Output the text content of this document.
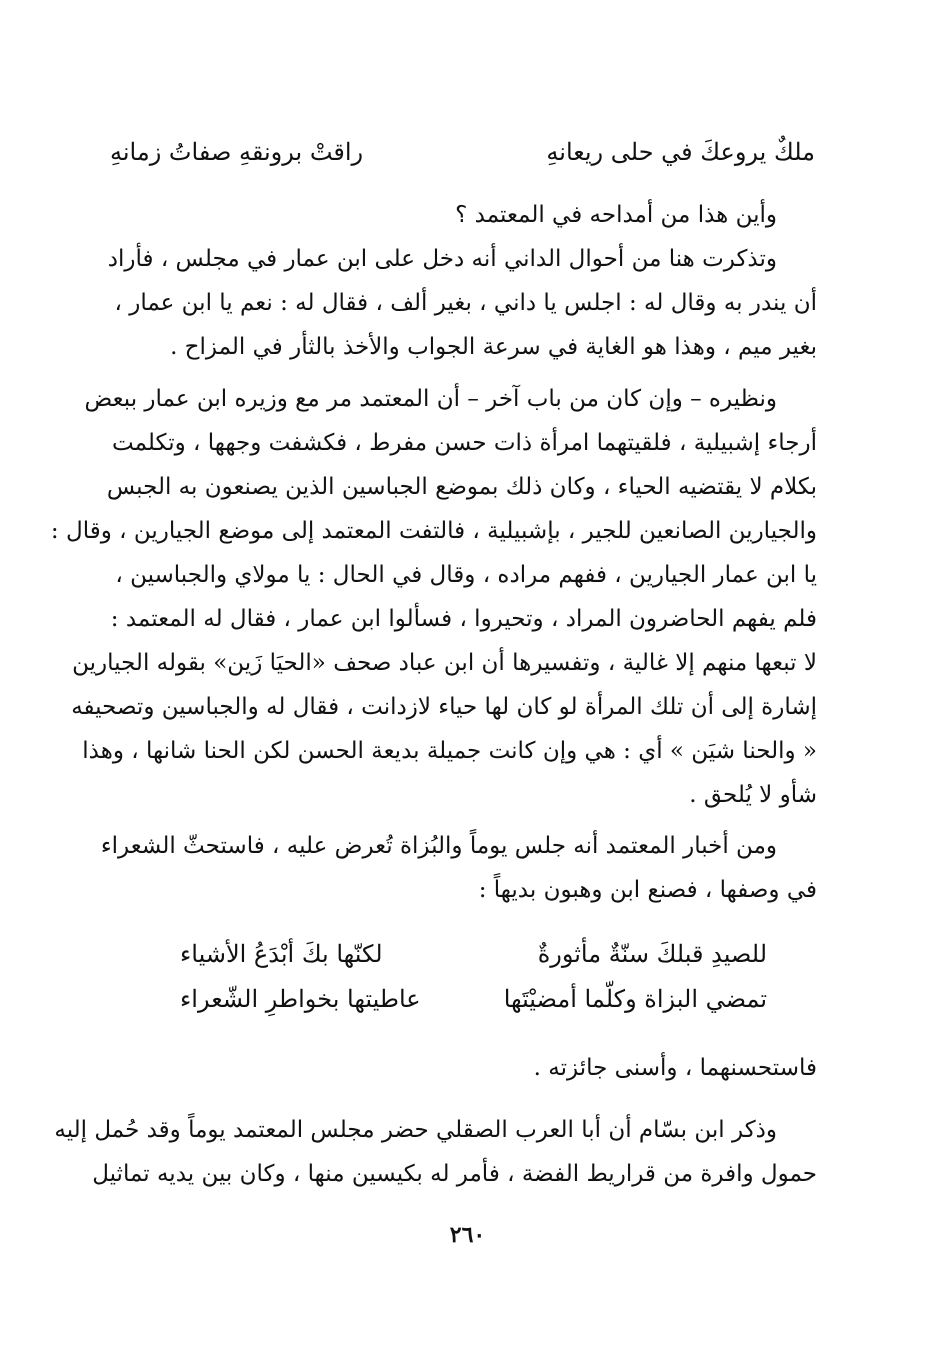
ملكٌ يروعكَ في حلى ريعانهِ
راقتْ برونقهِ صفاتُ زمانهِ
وأين هذا من أمداحه في المعتمد ؟
وتذكرت هنا من أحوال الداني أنه دخل على ابن عمار في مجلس ، فأراد
أن يندر به وقال له : اجلس يا داني ، بغير ألف ، فقال له : نعم يا ابن عمار ،
بغير ميم ، وهذا هو الغاية في سرعة الجواب والأخذ بالثأر في المزاح .
ونظيره – وإن كان من باب آخر – أن المعتمد مر مع وزيره ابن عمار ببعض
أرجاء إشبيلية ، فلقيتهما امرأة ذات حسن مفرط ، فكشفت وجهها ، وتكلمت
بكلام لا يقتضيه الحياء ، وكان ذلك بموضع الجباسين الذين يصنعون به الجبس
والجيارين الصانعين للجير ، بإشبيلية ، فالتفت المعتمد إلى موضع الجيارين ، وقال :
يا ابن عمار الجيارين ، ففهم مراده ، وقال في الحال : يا مولاي والجباسين ،
فلم يفهم الحاضرون المراد ، وتحيروا ، فسألوا ابن عمار ، فقال له المعتمد :
لا تبعها منهم إلا غالية ، وتفسيرها أن ابن عباد صحف «الحيَا زَين» بقوله الجيارين
إشارة إلى أن تلك المرأة لو كان لها حياء لازدانت ، فقال له والجباسين وتصحيفه
« والحنا شيَن » أي : هي وإن كانت جميلة بديعة الحسن لكن الحنا شانها ، وهذا
شأو لا يُلحق .
ومن أخبار المعتمد أنه جلس يوماً والبُزاة تُعرض عليه ، فاستحثّ الشعراء
في وصفها ، فصنع ابن وهبون بديهاً :
للصيدِ قبلكَ سنّةٌ مأثورةٌ
لكنّها بكَ أبْدَعُ الأشياء
تمضي البزاة وكلّما أمضيْتَها
عاطيتها بخواطرِ الشّعراء
فاستحسنهما ، وأسنى جائزته .
وذكر ابن بسّام أن أبا العرب الصقلي حضر مجلس المعتمد يوماً وقد حُمل إليه
حمول وافرة من قراريط الفضة ، فأمر له بكيسين منها ، وكان بين يديه تماثيل
٢٦٠
